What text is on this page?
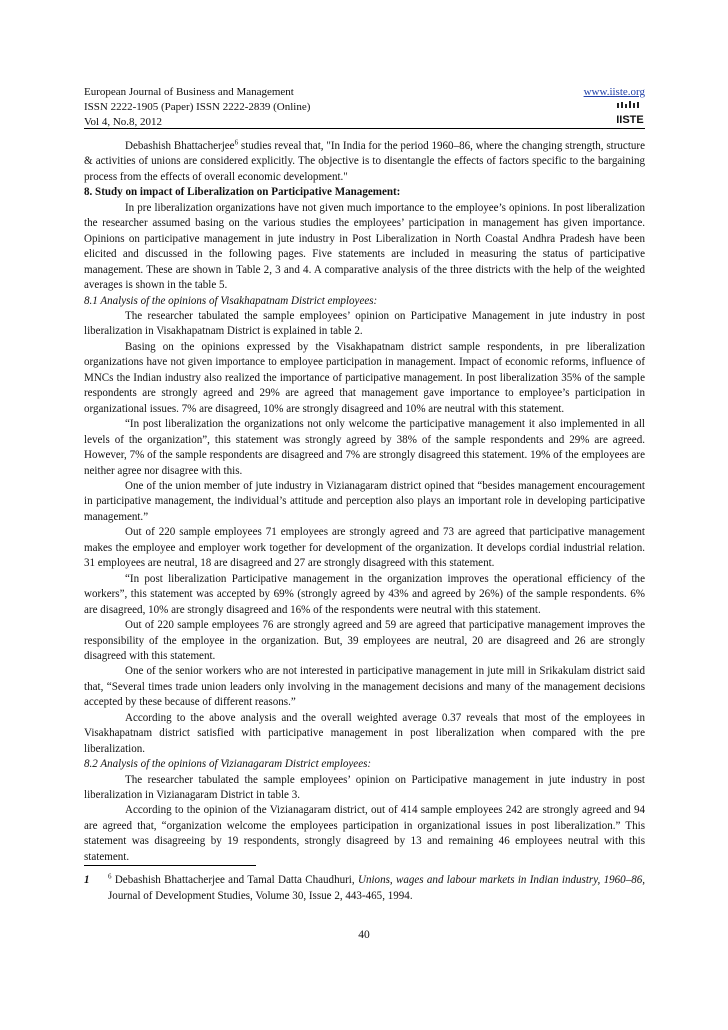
European Journal of Business and Management
ISSN 2222-1905 (Paper) ISSN 2222-2839 (Online)
Vol 4, No.8, 2012
www.iiste.org
IISTE

Debashish Bhattacherjee$^6$ studies reveal that, "In India for the period 1960–86, where the changing strength, structure & activities of unions are considered explicitly. The objective is to disentangle the effects of factors specific to the bargaining process from the effects of overall economic development."

8. Study on impact of Liberalization on Participative Management:

In pre liberalization organizations have not given much importance to the employee’s opinions. In post liberalization the researcher assumed basing on the various studies the employees’ participation in management has given importance. Opinions on participative management in jute industry in Post Liberalization in North Coastal Andhra Pradesh have been elicited and discussed in the following pages. Five statements are included in measuring the status of participative management. These are shown in Table 2, 3 and 4. A comparative analysis of the three districts with the help of the weighted averages is shown in the table 5.

8.1 Analysis of the opinions of Visakhapatnam District employees:

The researcher tabulated the sample employees’ opinion on Participative Management in jute industry in post liberalization in Visakhapatnam District is explained in table 2.

Basing on the opinions expressed by the Visakhapatnam district sample respondents, in pre liberalization organizations have not given importance to employee participation in management. Impact of economic reforms, influence of MNCs the Indian industry also realized the importance of participative management. In post liberalization 35% of the sample respondents are strongly agreed and 29% are agreed that management gave importance to employee’s participation in organizational issues. 7% are disagreed, 10% are strongly disagreed and 10% are neutral with this statement.

“In post liberalization the organizations not only welcome the participative management it also implemented in all levels of the organization”, this statement was strongly agreed by 38% of the sample respondents and 29% are agreed. However, 7% of the sample respondents are disagreed and 7% are strongly disagreed this statement. 19% of the employees are neither agree nor disagree with this.

One of the union member of jute industry in Vizianagaram district opined that “besides management encouragement in participative management, the individual’s attitude and perception also plays an important role in developing participative management.”

Out of 220 sample employees 71 employees are strongly agreed and 73 are agreed that participative management makes the employee and employer work together for development of the organization. It develops cordial industrial relation. 31 employees are neutral, 18 are disagreed and 27 are strongly disagreed with this statement.

“In post liberalization Participative management in the organization improves the operational efficiency of the workers”, this statement was accepted by 69% (strongly agreed by 43% and agreed by 26%) of the sample respondents. 6% are disagreed, 10% are strongly disagreed and 16% of the respondents were neutral with this statement.

Out of 220 sample employees 76 are strongly agreed and 59 are agreed that participative management improves the responsibility of the employee in the organization. But, 39 employees are neutral, 20 are disagreed and 26 are strongly disagreed with this statement.

One of the senior workers who are not interested in participative management in jute mill in Srikakulam district said that, “Several times trade union leaders only involving in the management decisions and many of the management decisions accepted by these because of different reasons.”

According to the above analysis and the overall weighted average 0.37 reveals that most of the employees in Visakhapatnam district satisfied with participative management in post liberalization when compared with the pre liberalization.

8.2 Analysis of the opinions of Vizianagaram District employees:

The researcher tabulated the sample employees’ opinion on Participative management in jute industry in post liberalization in Vizianagaram District in table 3.

According to the opinion of the Vizianagaram district, out of 414 sample employees 242 are strongly agreed and 94 are agreed that, “organization welcome the employees participation in organizational issues in post liberalization.” This statement was disagreeing by 19 respondents, strongly disagreed by 13 and remaining 46 employees neutral with this statement.

1	$^6$ Debashish Bhattacherjee and Tamal Datta Chaudhuri, Unions, wages and labour markets in Indian industry, 1960–86, Journal of Development Studies, Volume 30, Issue 2, 443-465, 1994.
40
